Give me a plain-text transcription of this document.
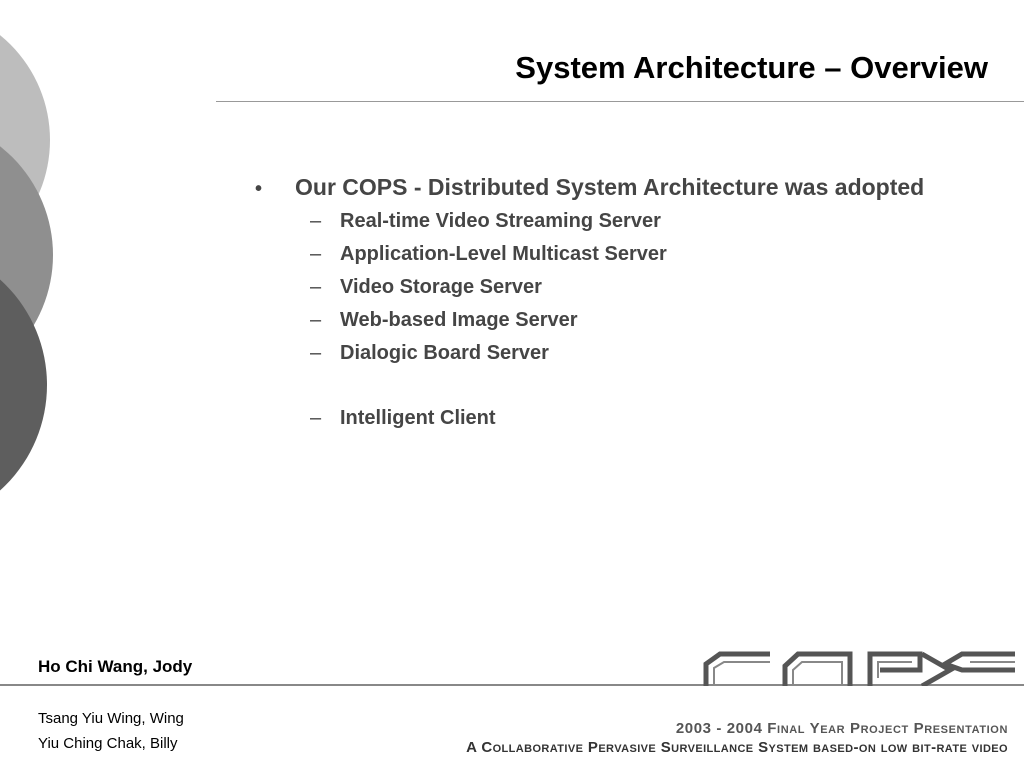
System Architecture – Overview
•	Our COPS - Distributed System Architecture was adopted
– Real-time Video Streaming Server
– Application-Level Multicast Server
– Video Storage Server
– Web-based Image Server
– Dialogic Board Server
– Intelligent Client
Ho Chi Wang, Jody
Tsang Yiu Wing, Wing
Yiu Ching Chak, Billy
2003 - 2004 Final Year Project Presentation
A Collaborative Pervasive Surveillance System based-on low bit-rate video
